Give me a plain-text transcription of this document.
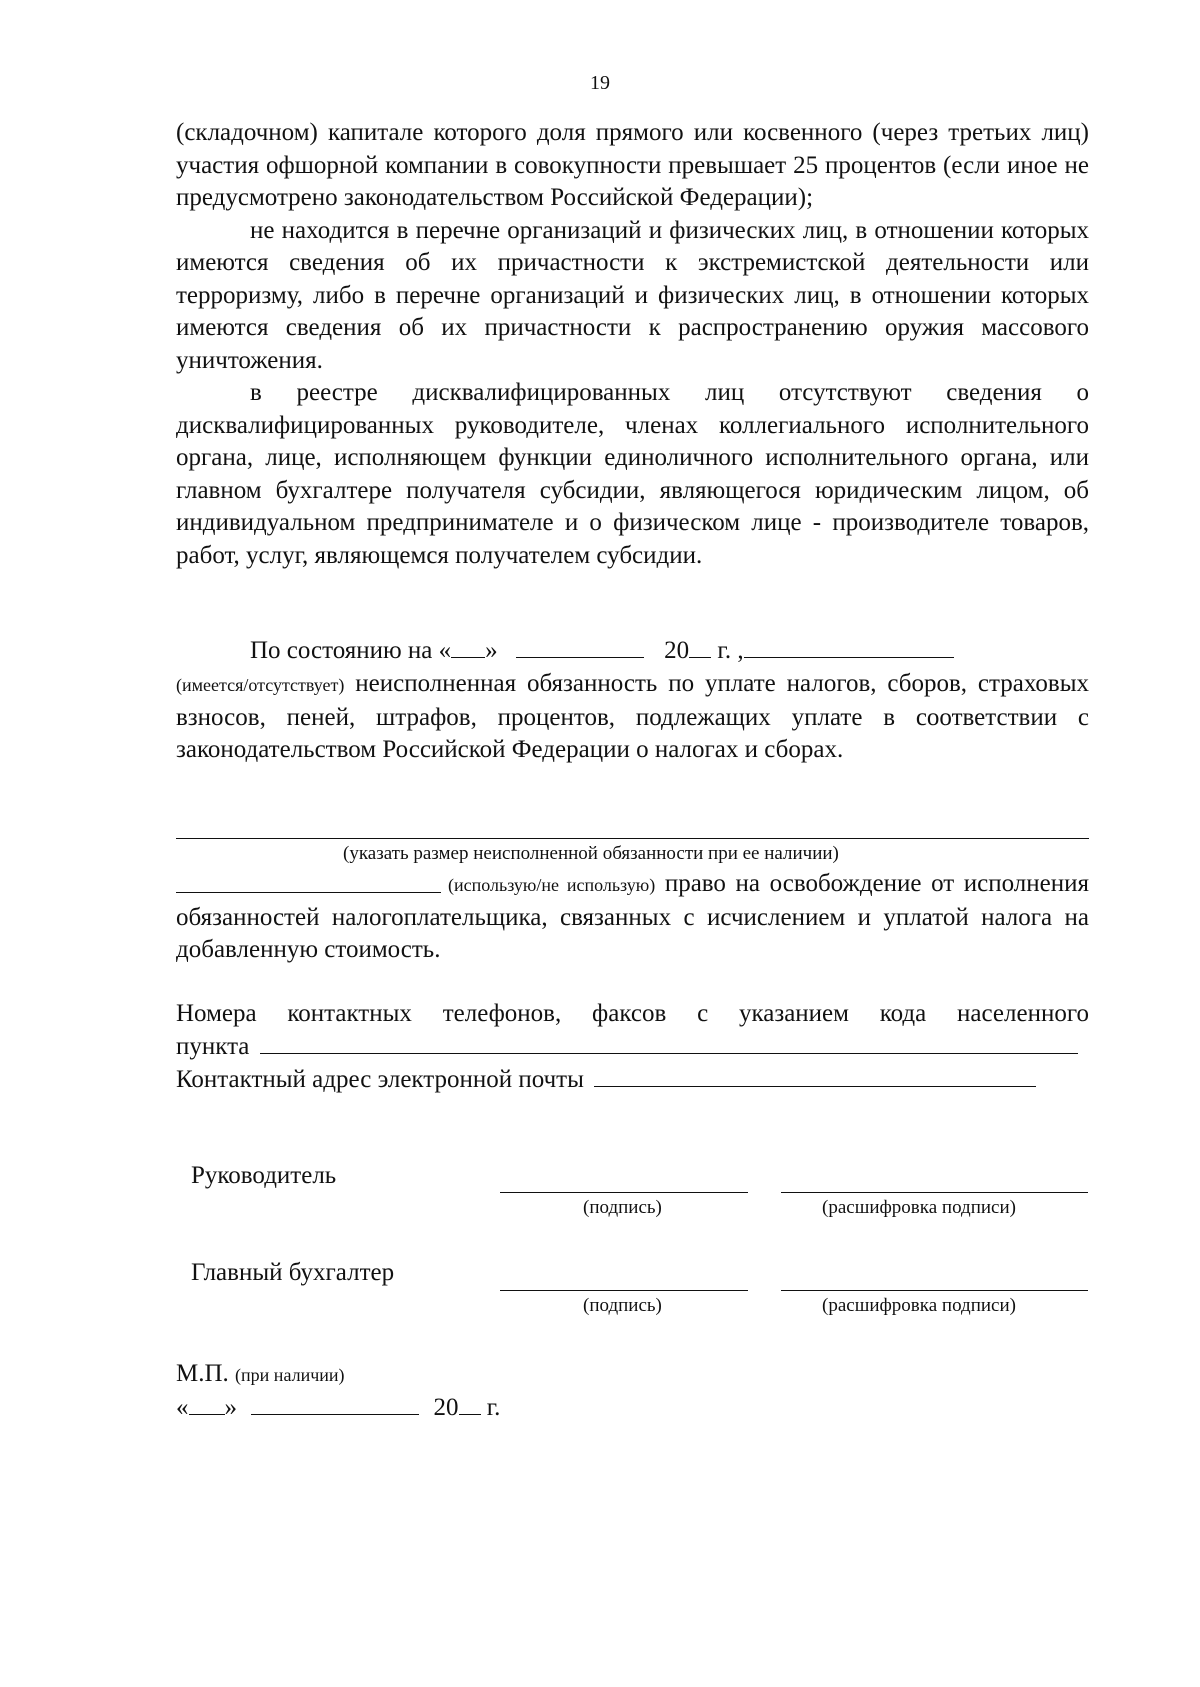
19

(складочном) капитале которого доля прямого или косвенного (через третьих лиц) участия офшорной компании в совокупности превышает 25 процентов (если иное не предусмотрено законодательством Российской Федерации);

не находится в перечне организаций и физических лиц, в отношении которых имеются сведения об их причастности к экстремистской деятельности или терроризму, либо в перечне организаций и физических лиц, в отношении которых имеются сведения об их причастности к распространению оружия массового уничтожения.

в реестре дисквалифицированных лиц отсутствуют сведения о дисквалифицированных руководителе, членах коллегиального исполнительного органа, лице, исполняющем функции единоличного исполнительного органа, или главном бухгалтере получателя субсидии, являющегося юридическим лицом, об индивидуальном предпринимателе и о физическом лице - производителе товаров, работ, услуг, являющемся получателем субсидии.

По состоянию на « »	20 г. ,

(имеется/отсутствует) неисполненная обязанность по уплате налогов, сборов, страховых взносов, пеней, штрафов, процентов, подлежащих уплате в соответствии с законодательством Российской Федерации о налогах и сборах.

(указать размер неисполненной обязанности при ее наличии)

(использую/не использую) право на освобождение от исполнения обязанностей налогоплательщика, связанных с исчислением и уплатой налога на добавленную стоимость.

Номера контактных телефонов, факсов с указанием кода населенного

пункта
Контактный адрес электронной почты
Руководитель
(подпись)	(расшифровка подписи)
Главный бухгалтер
(подпись)	(расшифровка подписи)
М.П. (при наличии)
« »	20 г.
